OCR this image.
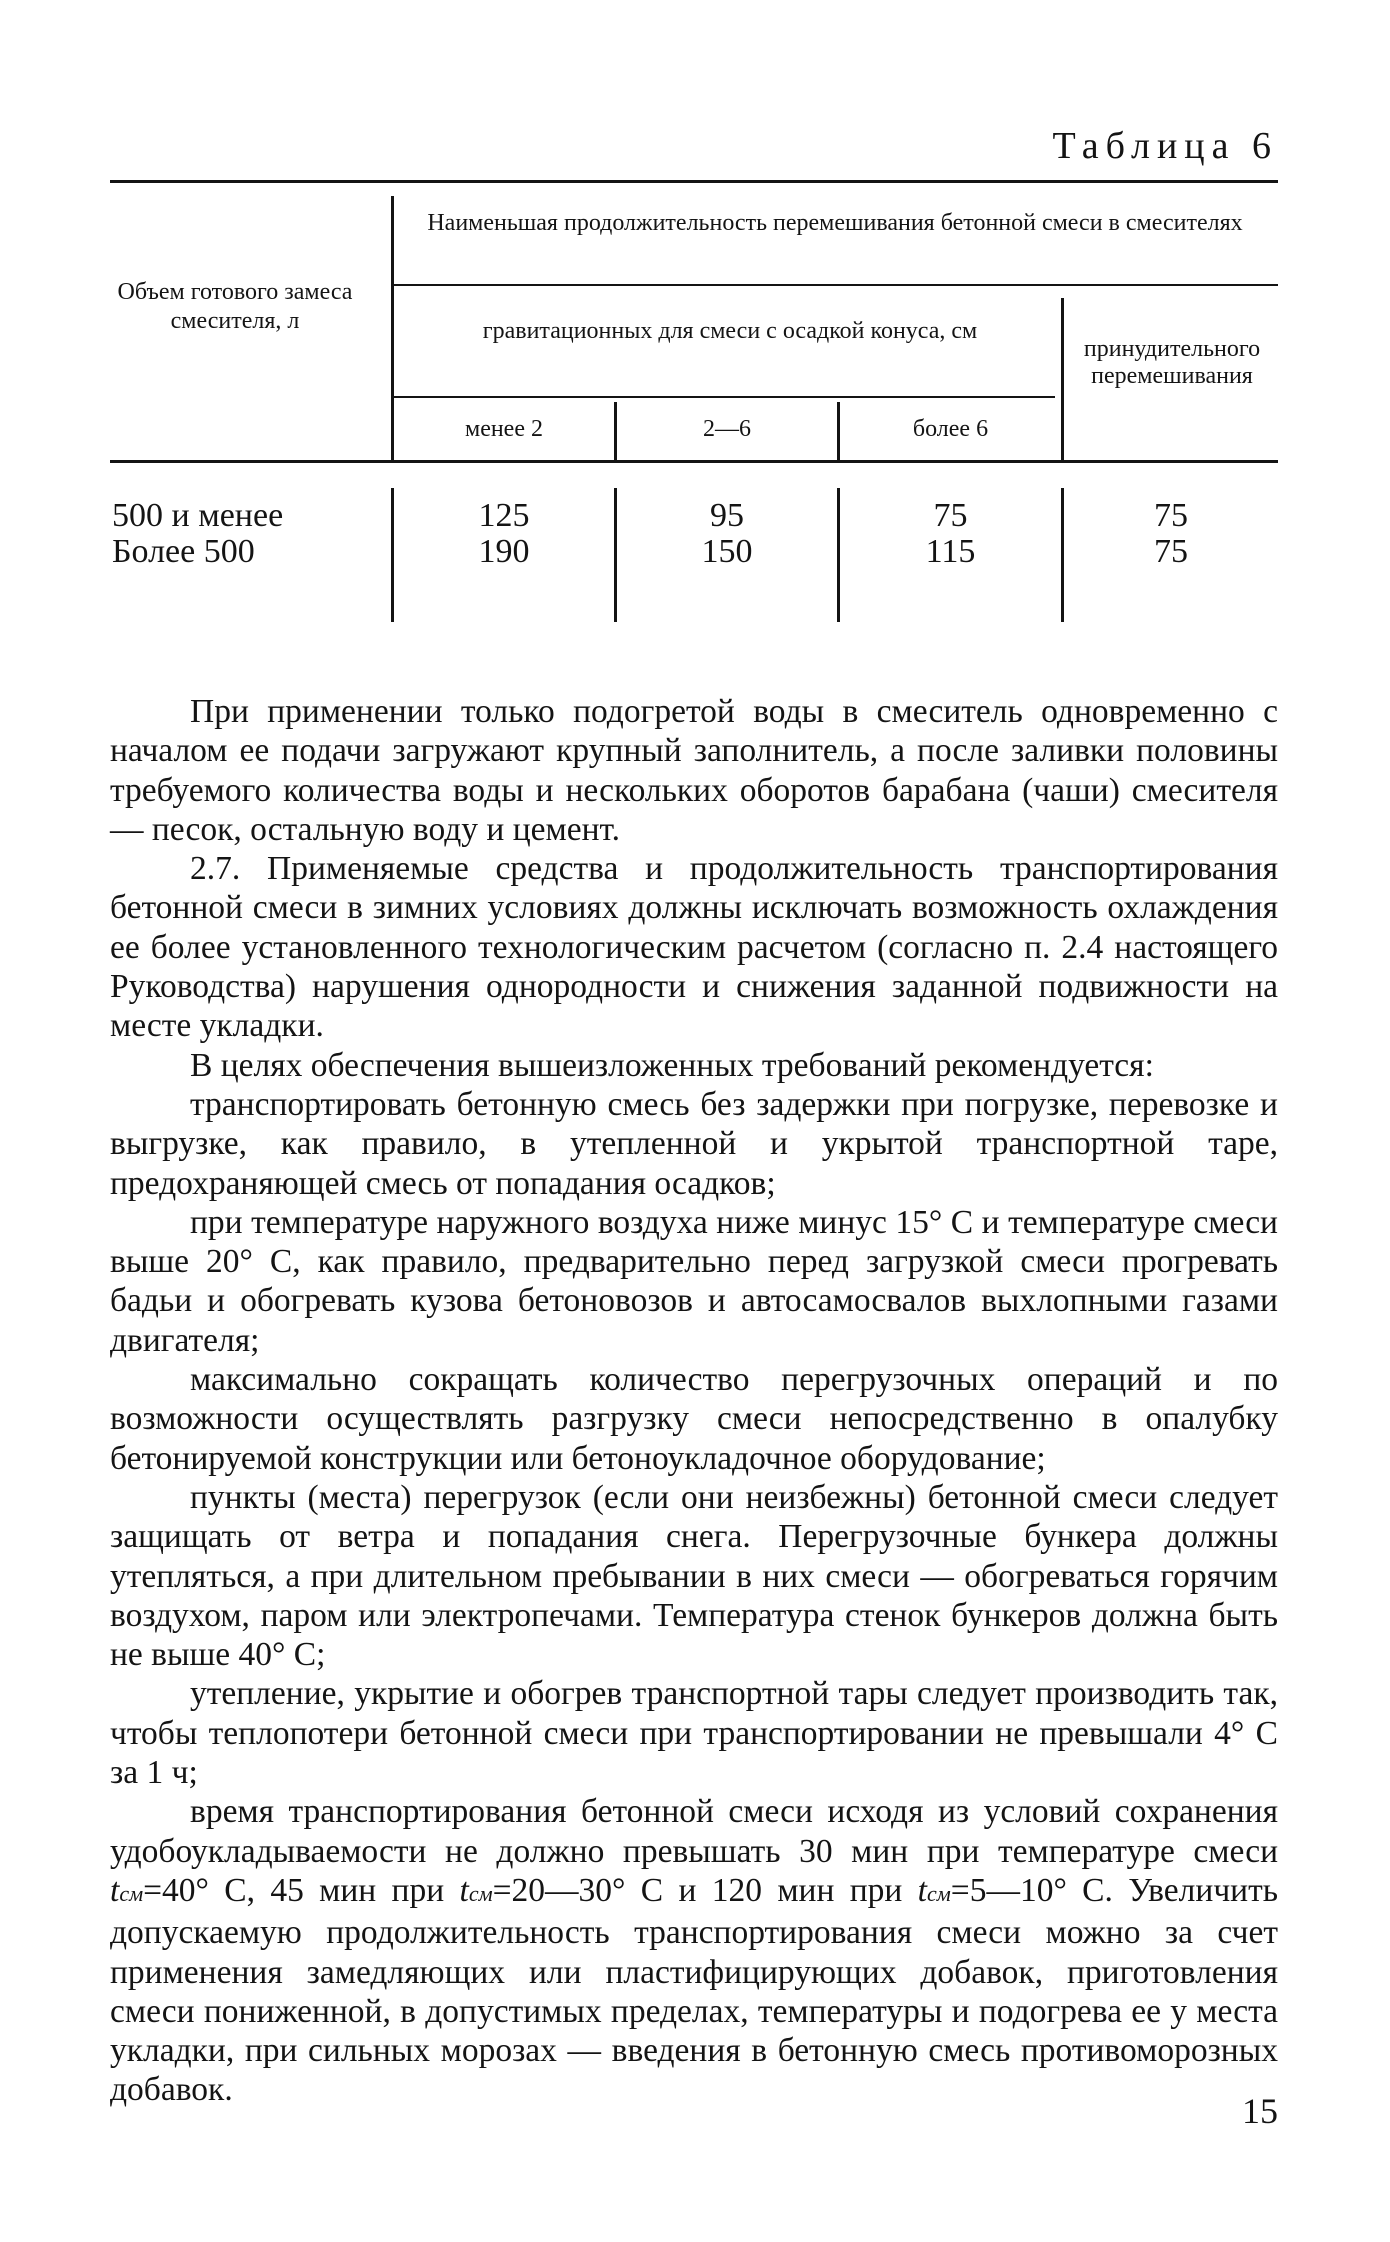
Таблица 6
Объем готового замеса смесителя, л
Наименьшая продолжительность перемешивания бетонной смеси в смесителях
гравитационных для смеси с осадкой конуса, см
принудительного перемешивания
менее 2	2—6	более 6
500 и менее	125	95	75	75
Более 500	190	150	115	75

При применении только подогретой воды в смеситель одновременно с началом ее подачи загружают крупный заполнитель, а после заливки половины требуемого количества воды и нескольких оборотов барабана (чаши) смесителя — песок, остальную воду и цемент.

2.7. Применяемые средства и продолжительность транспортирования бетонной смеси в зимних условиях должны исключать возможность охлаждения ее более установленного технологическим расчетом (согласно п. 2.4 настоящего Руководства) нарушения однородности и снижения заданной подвижности на месте укладки.

В целях обеспечения вышеизложенных требований рекомендуется:

транспортировать бетонную смесь без задержки при погрузке, перевозке и выгрузке, как правило, в утепленной и укрытой транспортной таре, предохраняющей смесь от попадания осадков;

при температуре наружного воздуха ниже минус 15° С и температуре смеси выше 20° С, как правило, предварительно перед загрузкой смеси прогревать бадьи и обогревать кузова бетоновозов и автосамосвалов выхлопными газами двигателя;

максимально сокращать количество перегрузочных операций и по возможности осуществлять разгрузку смеси непосредственно в опалубку бетонируемой конструкции или бетоноукладочное оборудование;

пункты (места) перегрузок (если они неизбежны) бетонной смеси следует защищать от ветра и попадания снега. Перегрузочные бункера должны утепляться, а при длительном пребывании в них смеси — обогреваться горячим воздухом, паром или электропечами. Температура стенок бункеров должна быть не выше 40° С;

утепление, укрытие и обогрев транспортной тары следует производить так, чтобы теплопотери бетонной смеси при транспортировании не превышали 4° С за 1 ч;

время транспортирования бетонной смеси исходя из условий сохранения удобоукладываемости не должно превышать 30 мин при температуре смеси tсм=40° С, 45 мин при tсм=20—30° С и 120 мин при tсм=5—10° С. Увеличить допускаемую продолжительность транспортирования смеси можно за счет применения замедляющих или пластифицирующих добавок, приготовления смеси пониженной, в допустимых пределах, температуры и подогрева ее у места укладки, при сильных морозах — введения в бетонную смесь противоморозных добавок.

15
